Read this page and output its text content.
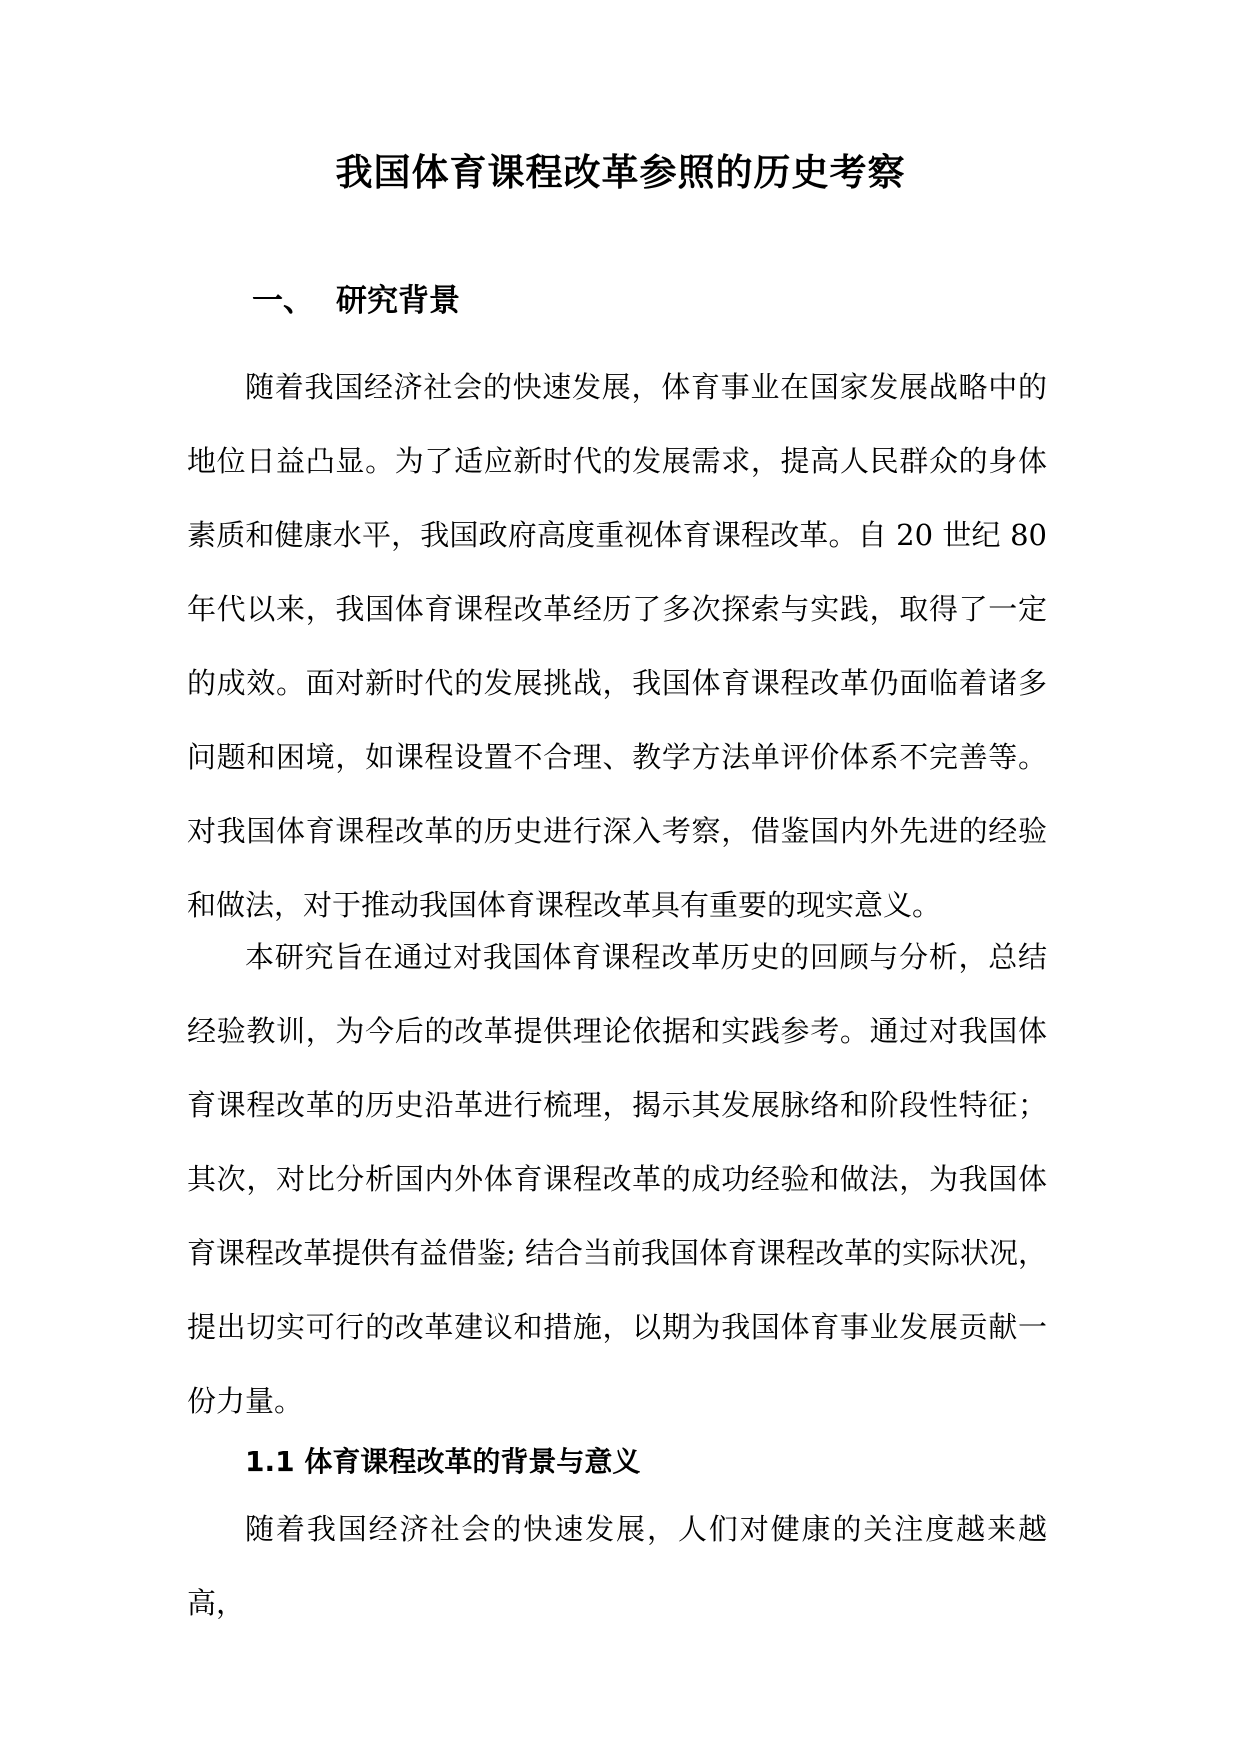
我国体育课程改革参照的历史考察
一、 研究背景

随着我国经济社会的快速发展，体育事业在国家发展战略中的地位日益凸显。为了适应新时代的发展需求，提高人民群众的身体素质和健康水平，我国政府高度重视体育课程改革。自 20 世纪 80 年代以来，我国体育课程改革经历了多次探索与实践，取得了一定的成效。面对新时代的发展挑战，我国体育课程改革仍面临着诸多问题和困境，如课程设置不合理、教学方法单评价体系不完善等。对我国体育课程改革的历史进行深入考察，借鉴国内外先进的经验和做法，对于推动我国体育课程改革具有重要的现实意义。

本研究旨在通过对我国体育课程改革历史的回顾与分析，总结经验教训，为今后的改革提供理论依据和实践参考。通过对我国体育课程改革的历史沿革进行梳理，揭示其发展脉络和阶段性特征；其次，对比分析国内外体育课程改革的成功经验和做法，为我国体育课程改革提供有益借鉴; 结合当前我国体育课程改革的实际状况，提出切实可行的改革建议和措施，以期为我国体育事业发展贡献一份力量。

1.1 体育课程改革的背景与意义

随着我国经济社会的快速发展，人们对健康的关注度越来越高，
